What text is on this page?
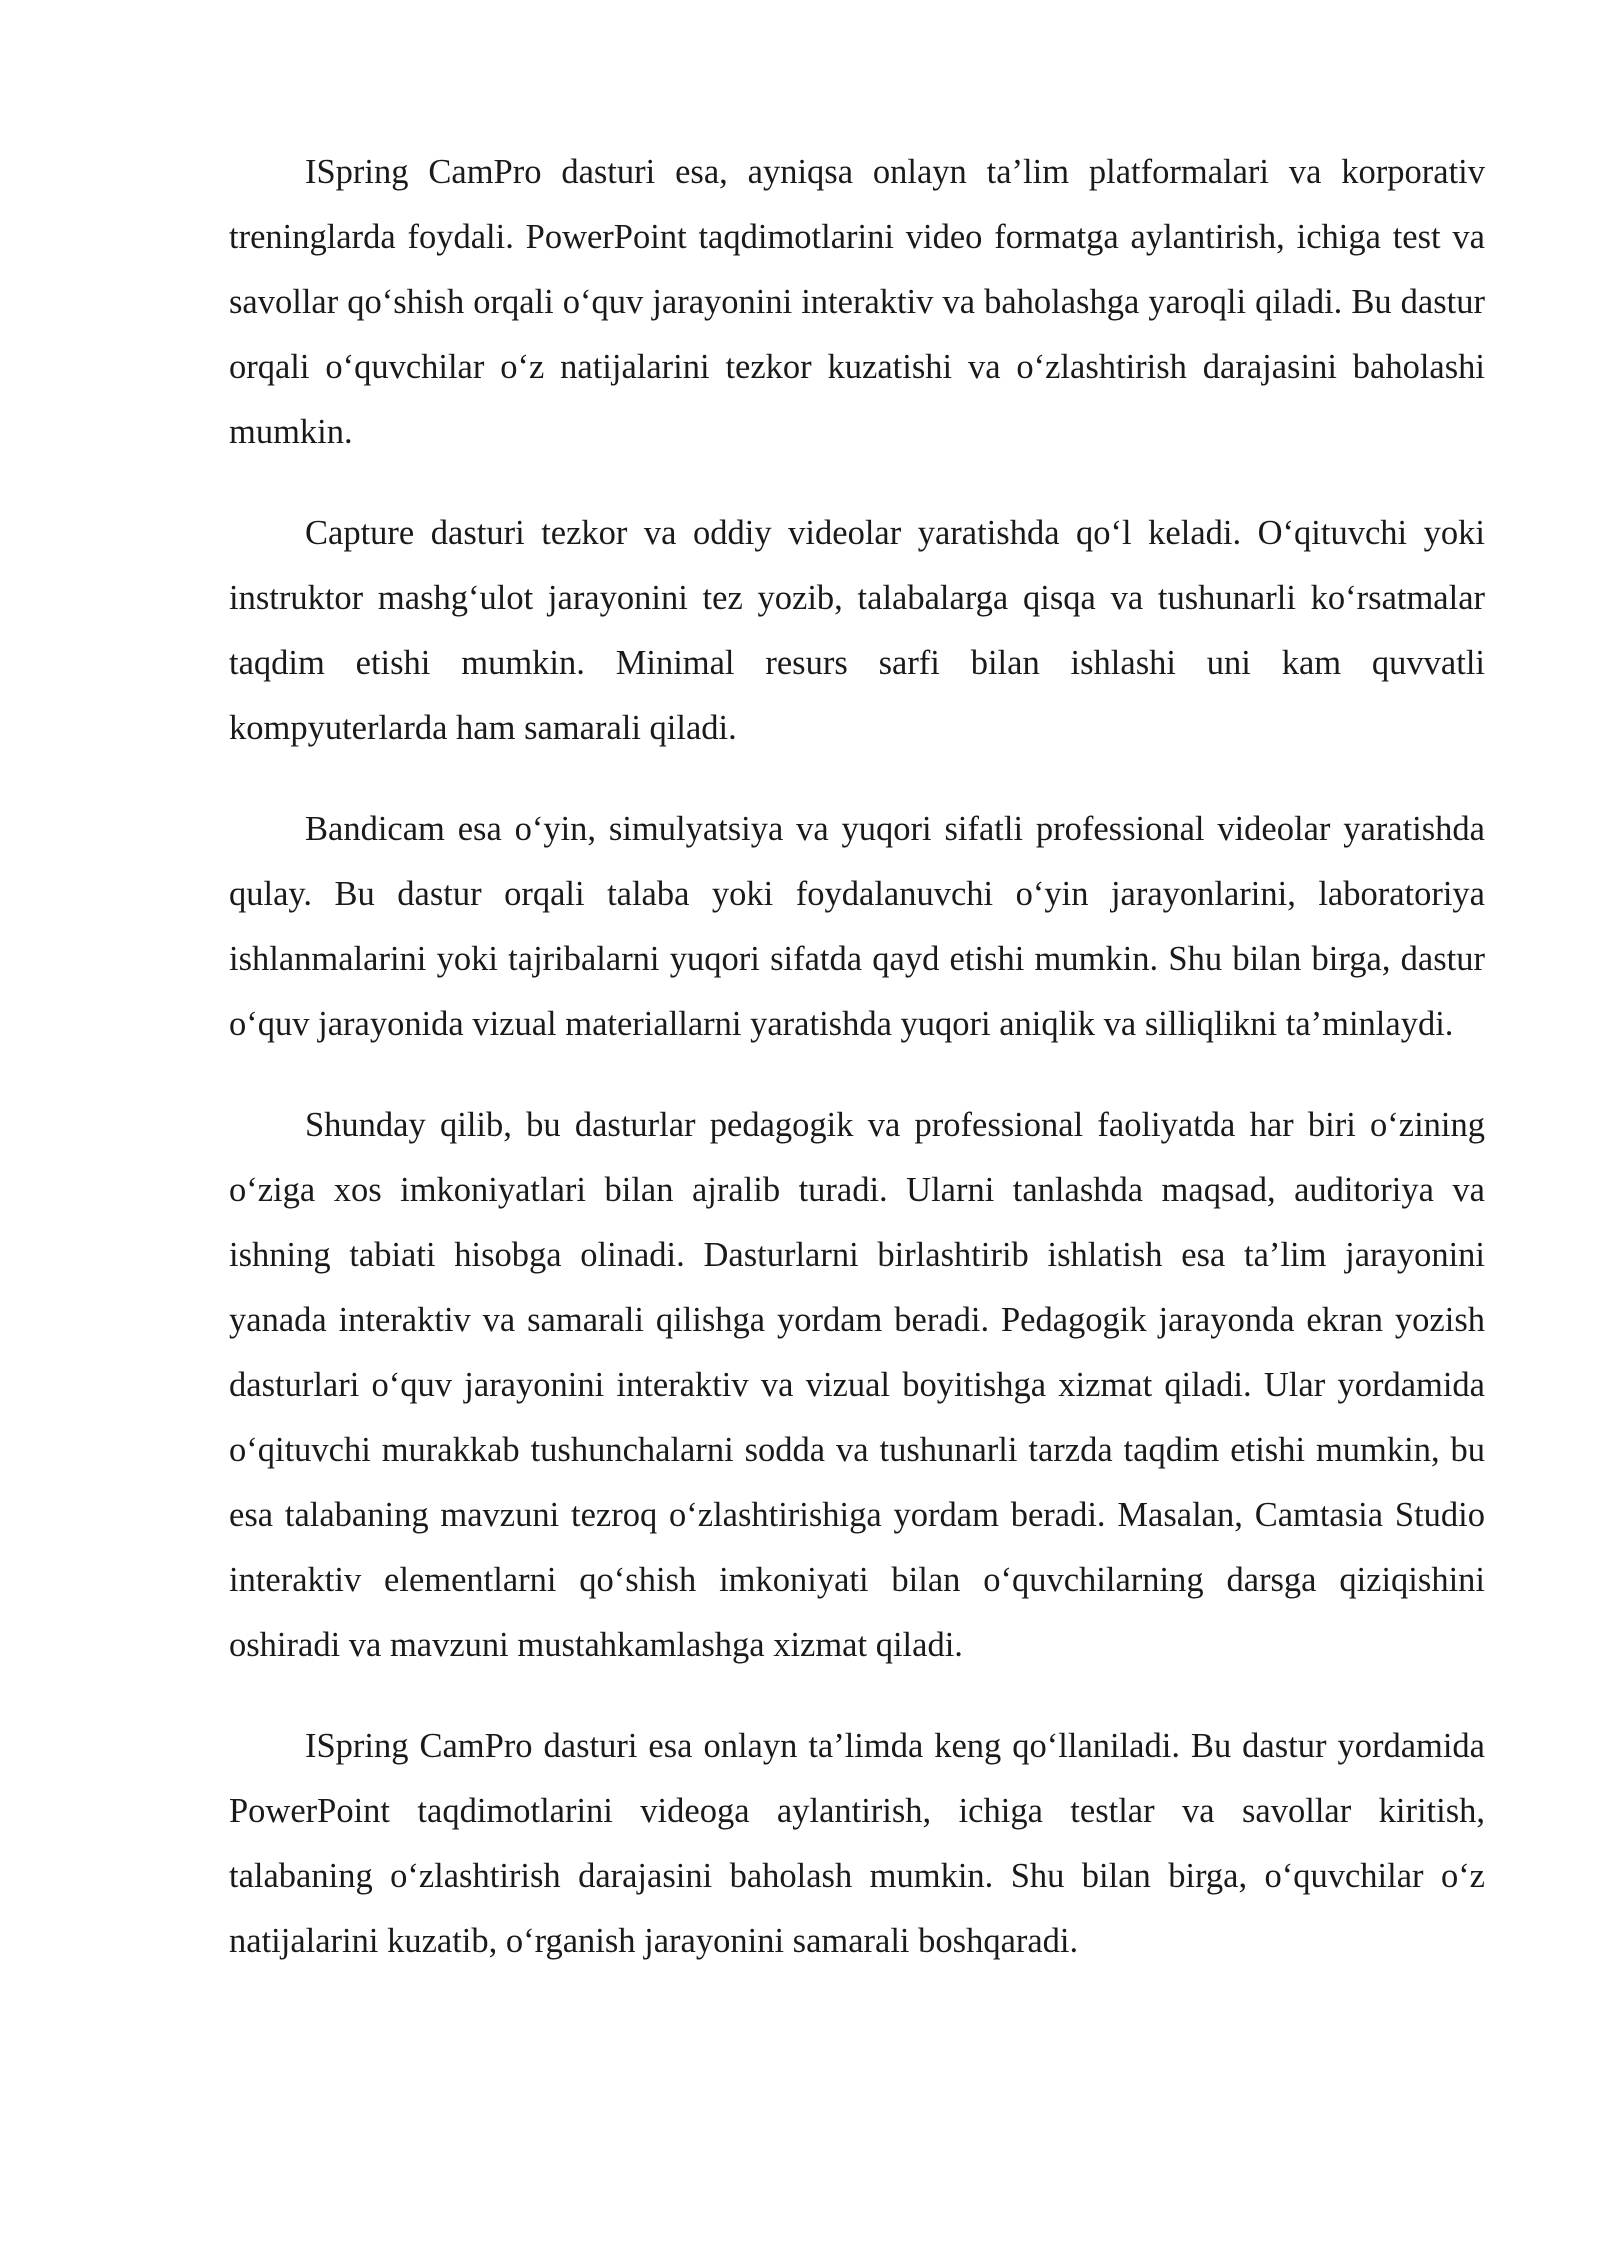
ISpring CamPro dasturi esa, ayniqsa onlayn ta’lim platformalari va korporativ treninglarda foydali. PowerPoint taqdimotlarini video formatga aylantirish, ichiga test va savollar qo‘shish orqali o‘quv jarayonini interaktiv va baholashga yaroqli qiladi. Bu dastur orqali o‘quvchilar o‘z natijalarini tezkor kuzatishi va o‘zlashtirish darajasini baholashi mumkin.

Capture dasturi tezkor va oddiy videolar yaratishda qo‘l keladi. O‘qituvchi yoki instruktor mashg‘ulot jarayonini tez yozib, talabalarga qisqa va tushunarli ko‘rsatmalar taqdim etishi mumkin. Minimal resurs sarfi bilan ishlashi uni kam quvvatli kompyuterlarda ham samarali qiladi.

Bandicam esa o‘yin, simulyatsiya va yuqori sifatli professional videolar yaratishda qulay. Bu dastur orqali talaba yoki foydalanuvchi o‘yin jarayonlarini, laboratoriya ishlanmalarini yoki tajribalarni yuqori sifatda qayd etishi mumkin. Shu bilan birga, dastur o‘quv jarayonida vizual materiallarni yaratishda yuqori aniqlik va silliqlikni ta’minlaydi.

Shunday qilib, bu dasturlar pedagogik va professional faoliyatda har biri o‘zining o‘ziga xos imkoniyatlari bilan ajralib turadi. Ularni tanlashda maqsad, auditoriya va ishning tabiati hisobga olinadi. Dasturlarni birlashtirib ishlatish esa ta’lim jarayonini yanada interaktiv va samarali qilishga yordam beradi. Pedagogik jarayonda ekran yozish dasturlari o‘quv jarayonini interaktiv va vizual boyitishga xizmat qiladi. Ular yordamida o‘qituvchi murakkab tushunchalarni sodda va tushunarli tarzda taqdim etishi mumkin, bu esa talabaning mavzuni tezroq o‘zlashtirishiga yordam beradi. Masalan, Camtasia Studio interaktiv elementlarni qo‘shish imkoniyati bilan o‘quvchilarning darsga qiziqishini oshiradi va mavzuni mustahkamlashga xizmat qiladi.

ISpring CamPro dasturi esa onlayn ta’limda keng qo‘llaniladi. Bu dastur yordamida PowerPoint taqdimotlarini videoga aylantirish, ichiga testlar va savollar kiritish, talabaning o‘zlashtirish darajasini baholash mumkin. Shu bilan birga, o‘quvchilar o‘z natijalarini kuzatib, o‘rganish jarayonini samarali boshqaradi.
